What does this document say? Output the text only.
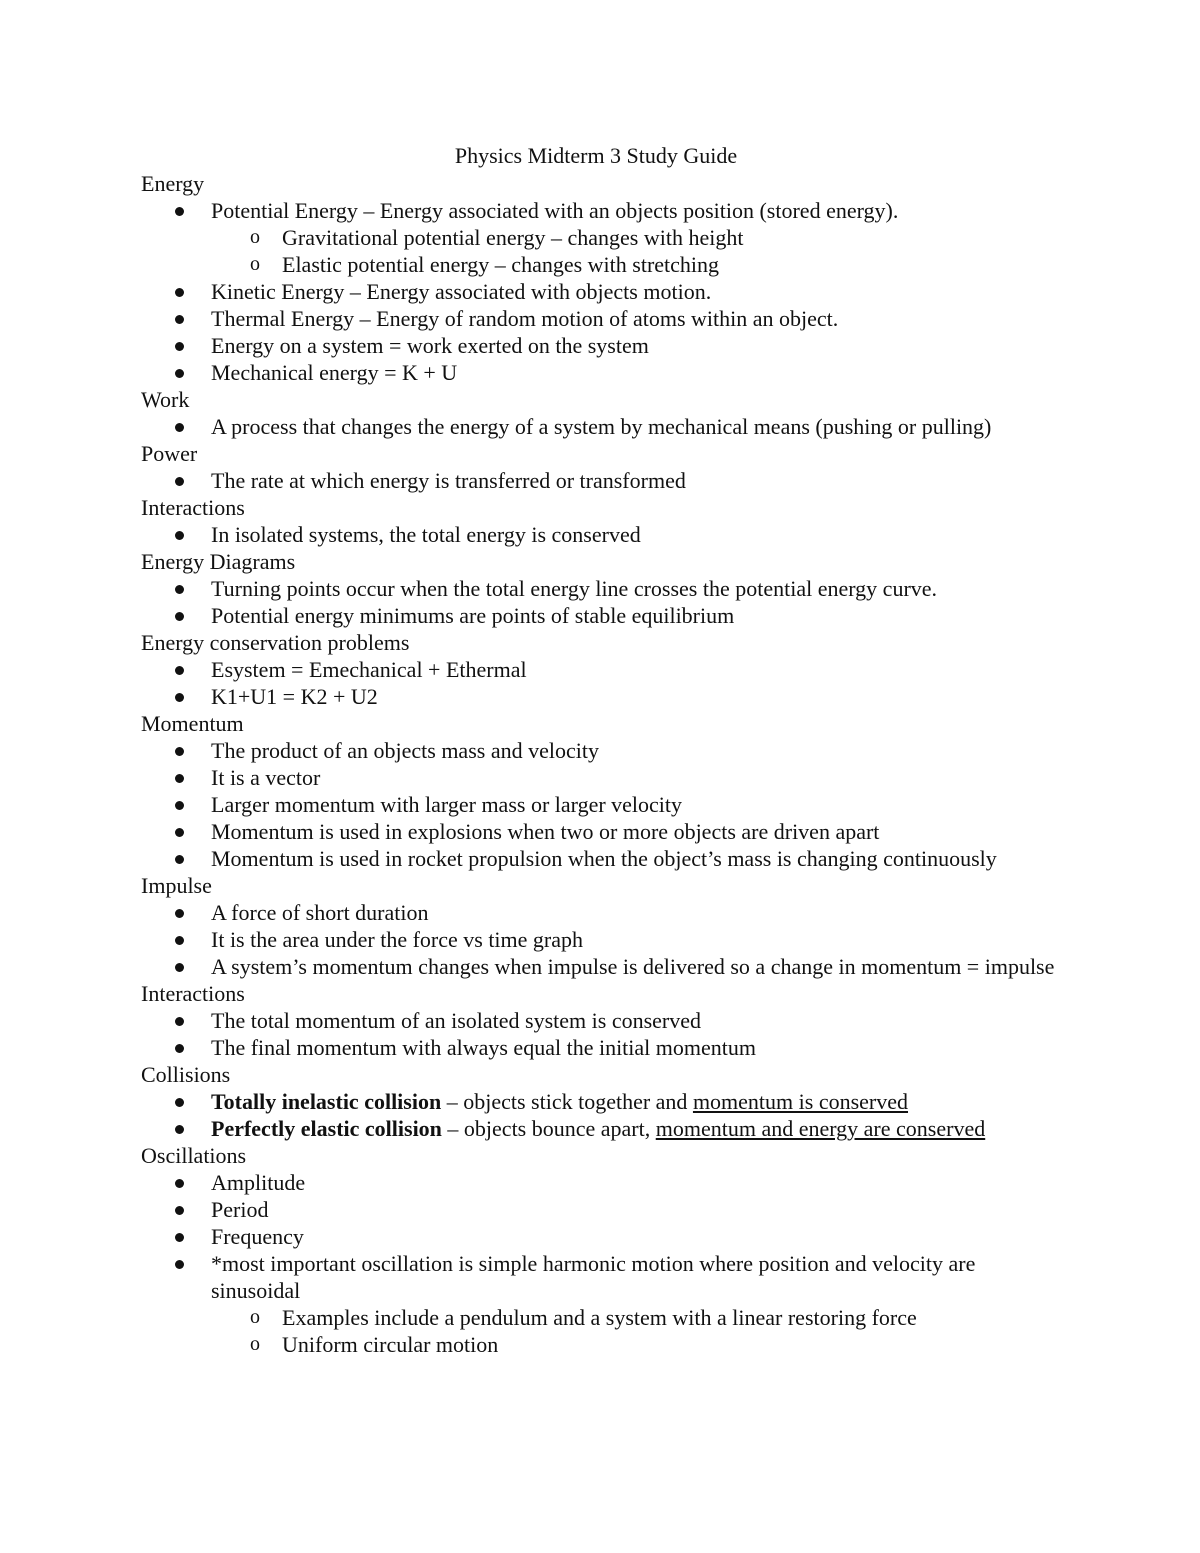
Physics Midterm 3 Study Guide
Energy
Potential Energy – Energy associated with an objects position (stored energy).
o Gravitational potential energy – changes with height
o Elastic potential energy – changes with stretching
Kinetic Energy – Energy associated with objects motion.
Thermal Energy – Energy of random motion of atoms within an object.
Energy on a system = work exerted on the system
Mechanical energy = K + U
Work
A process that changes the energy of a system by mechanical means (pushing or pulling)
Power
The rate at which energy is transferred or transformed
Interactions
In isolated systems, the total energy is conserved
Energy Diagrams
Turning points occur when the total energy line crosses the potential energy curve.
Potential energy minimums are points of stable equilibrium
Energy conservation problems
Esystem = Emechanical + Ethermal
K1+U1 = K2 + U2
Momentum
The product of an objects mass and velocity
It is a vector
Larger momentum with larger mass or larger velocity
Momentum is used in explosions when two or more objects are driven apart
Momentum is used in rocket propulsion when the object’s mass is changing continuously
Impulse
A force of short duration
It is the area under the force vs time graph
A system’s momentum changes when impulse is delivered so a change in momentum = impulse
Interactions
The total momentum of an isolated system is conserved
The final momentum with always equal the initial momentum
Collisions
Totally inelastic collision – objects stick together and momentum is conserved
Perfectly elastic collision – objects bounce apart, momentum and energy are conserved
Oscillations
Amplitude
Period
Frequency
*most important oscillation is simple harmonic motion where position and velocity are sinusoidal
o Examples include a pendulum and a system with a linear restoring force
o Uniform circular motion
